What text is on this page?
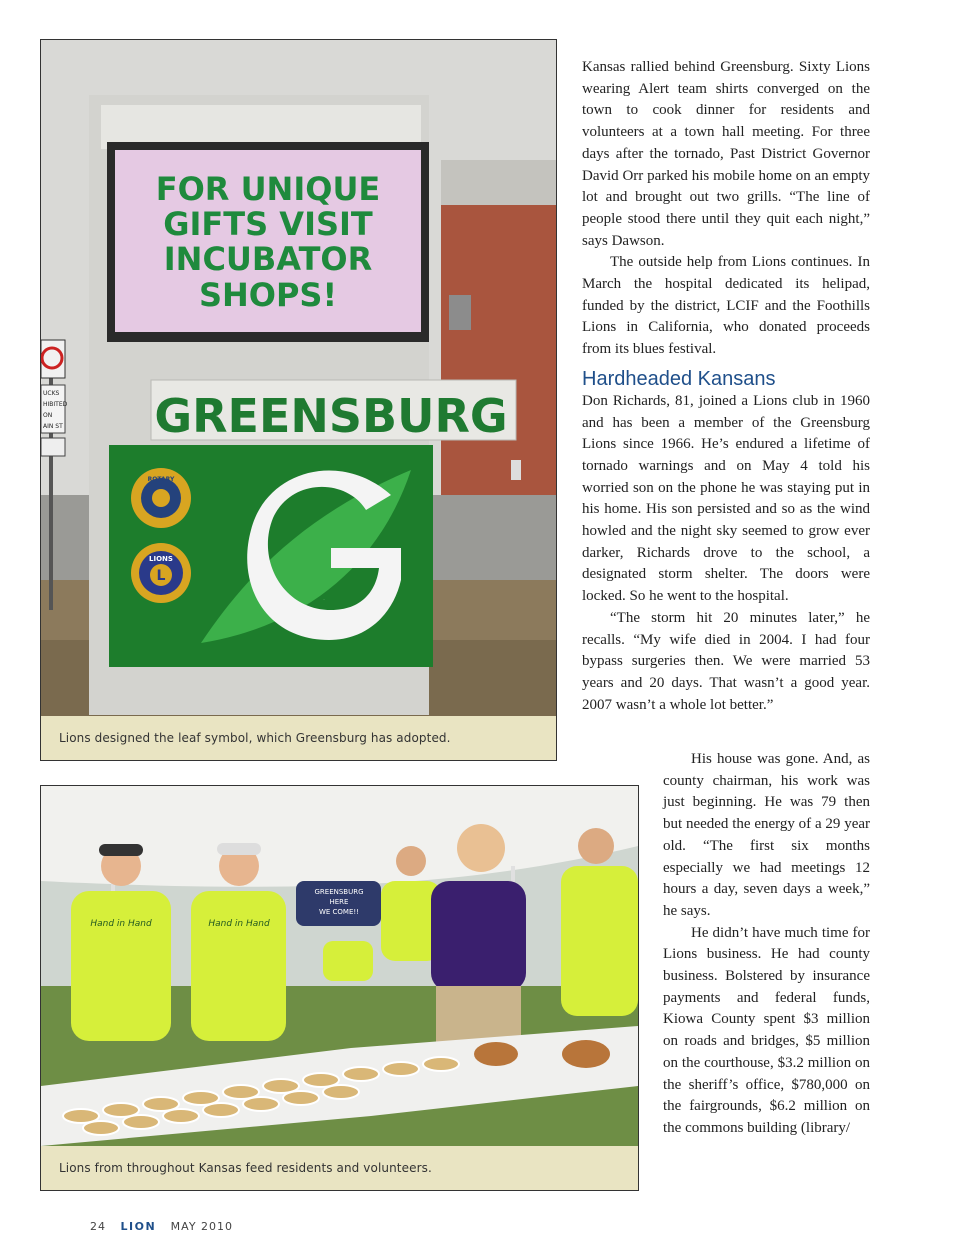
FOR UNIQUE
GIFTS VISIT
INCUBATOR
SHOPS!
GREENSBURG
ROTARY
LIONS
L
UCKS
HIBITED
ON
AIN ST
G
Lions designed the leaf symbol, which Greensburg has adopted.
GREENSBURG
HERE
WE COME!!
Hand in Hand	Hand in Hand
Lions from throughout Kansas feed residents and volunteers.

Kansas rallied behind Greensburg. Sixty Lions wearing Alert team shirts converged on the town to cook dinner for residents and volunteers at a town hall meeting. For three days after the tornado, Past District Governor David Orr parked his mobile home on an empty lot and brought out two grills. “The line of people stood there until they quit each night,” says Dawson.

The outside help from Lions continues. In March the hospital dedicated its helipad, funded by the district, LCIF and the Foothills Lions in California, who donated proceeds from its blues festival.

Hardheaded Kansans

Don Richards, 81, joined a Lions club in 1960 and has been a member of the Greensburg Lions since 1966. He’s endured a lifetime of tornado warnings and on May 4 told his worried son on the phone he was staying put in his home. His son persisted and so as the wind howled and the night sky seemed to grow ever darker, Richards drove to the school, a designated storm shelter. The doors were locked. So he went to the hospital.

“The storm hit 20 minutes later,” he recalls. “My wife died in 2004. I had four bypass surgeries then. We were married 53 years and 20 days. That wasn’t a good year. 2007 wasn’t a whole lot better.”

His house was gone. And, as county chairman, his work was just beginning. He was 79 then but needed the energy of a 29 year old. “The first six months especially we had meetings 12 hours a day, seven days a week,” he says.

He didn’t have much time for Lions business. He had county business. Bolstered by insurance payments and federal funds, Kiowa County spent $3 million on roads and bridges, $5 million on the courthouse, $3.2 million on the sheriff’s office, $780,000 on the fairgrounds, $6.2 million on the commons building (library/

24 LION MAY 2010
